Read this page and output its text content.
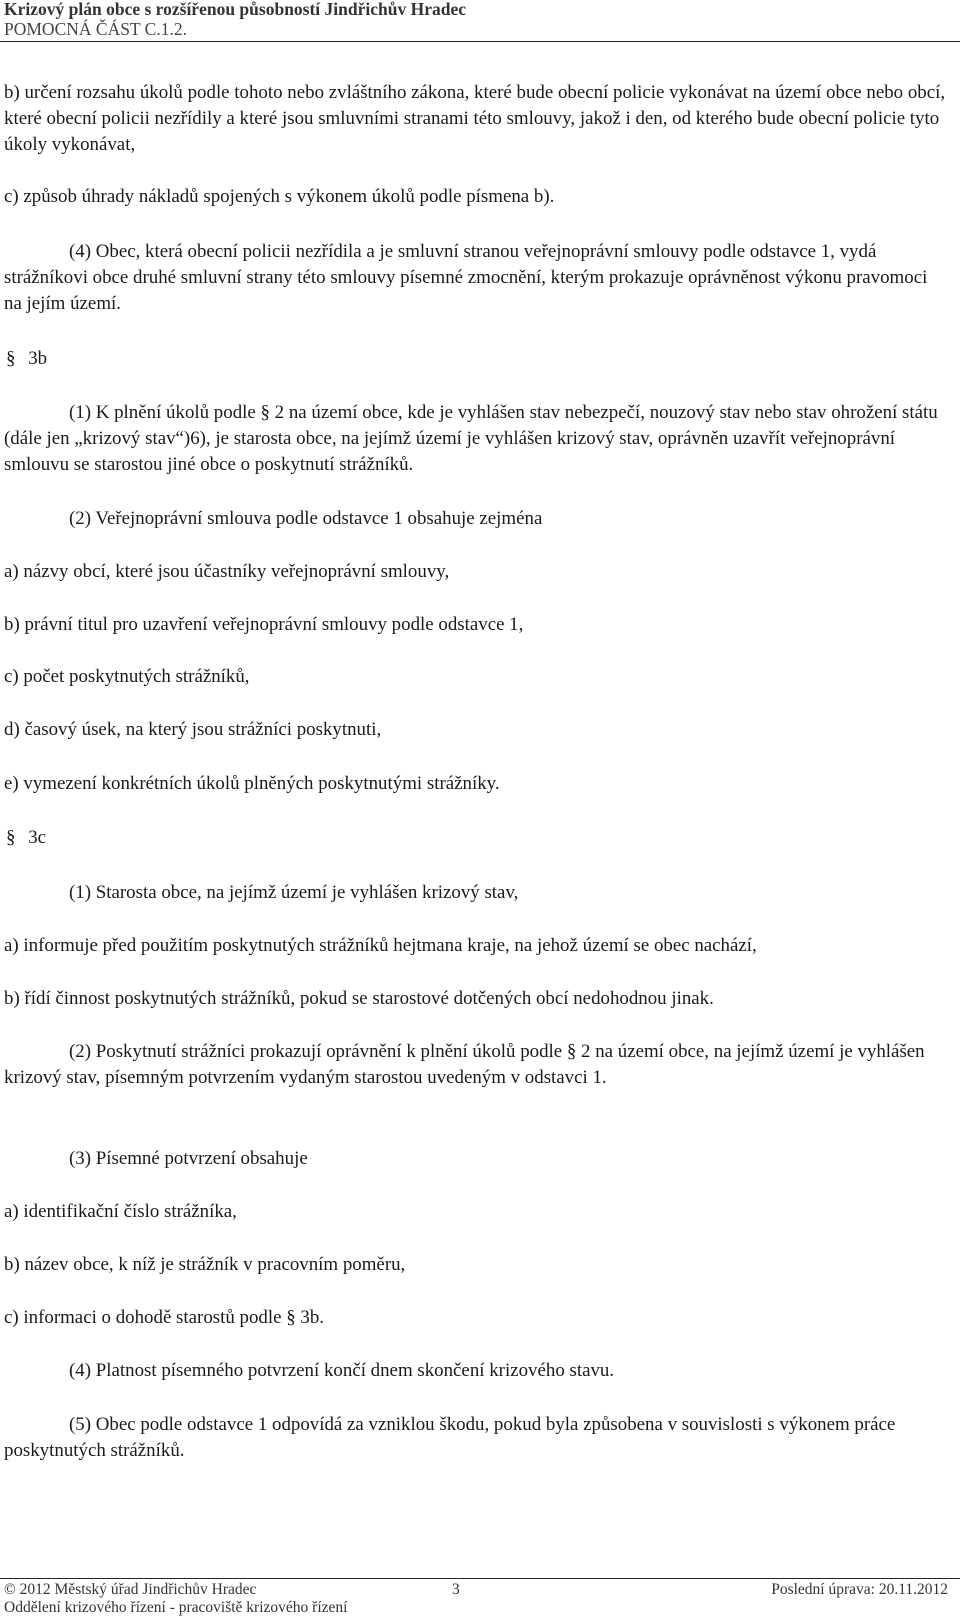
Krizový plán obce s rozšířenou působností Jindřichův Hradec
POMOCNÁ ČÁST C.1.2.

b) určení rozsahu úkolů podle tohoto nebo zvláštního zákona, které bude obecní policie vykonávat na území obce nebo obcí, které obecní policii nezřídily a které jsou smluvními stranami této smlouvy, jakož i den, od kterého bude obecní policie tyto úkoly vykonávat,

c) způsob úhrady nákladů spojených s výkonem úkolů podle písmena b).

(4) Obec, která obecní policii nezřídila a je smluvní stranou veřejnoprávní smlouvy podle odstavce 1, vydá strážníkovi obce druhé smluvní strany této smlouvy písemné zmocnění, kterým prokazuje oprávněnost výkonu pravomoci na jejím území.

§ 3b

(1) K plnění úkolů podle § 2 na území obce, kde je vyhlášen stav nebezpečí, nouzový stav nebo stav ohrožení státu (dále jen „krizový stav“)6), je starosta obce, na jejímž území je vyhlášen krizový stav, oprávněn uzavřít veřejnoprávní smlouvu se starostou jiné obce o poskytnutí strážníků.

(2) Veřejnoprávní smlouva podle odstavce 1 obsahuje zejména

a) názvy obcí, které jsou účastníky veřejnoprávní smlouvy,

b) právní titul pro uzavření veřejnoprávní smlouvy podle odstavce 1,

c) počet poskytnutých strážníků,

d) časový úsek, na který jsou strážníci poskytnuti,

e) vymezení konkrétních úkolů plněných poskytnutými strážníky.

§ 3c

(1) Starosta obce, na jejímž území je vyhlášen krizový stav,

a) informuje před použitím poskytnutých strážníků hejtmana kraje, na jehož území se obec nachází,

b) řídí činnost poskytnutých strážníků, pokud se starostové dotčených obcí nedohodnou jinak.

(2) Poskytnutí strážníci prokazují oprávnění k plnění úkolů podle § 2 na území obce, na jejímž území je vyhlášen krizový stav, písemným potvrzením vydaným starostou uvedeným v odstavci 1.

(3) Písemné potvrzení obsahuje

a) identifikační číslo strážníka,

b) název obce, k níž je strážník v pracovním poměru,

c) informaci o dohodě starostů podle § 3b.

(4) Platnost písemného potvrzení končí dnem skončení krizového stavu.

(5) Obec podle odstavce 1 odpovídá za vzniklou škodu, pokud byla způsobena v souvislosti s výkonem práce poskytnutých strážníků.

© 2012 Městský úřad Jindřichův Hradec	3	Poslední úprava: 20.11.2012
Oddělení krizového řízení - pracoviště krizového řízení
